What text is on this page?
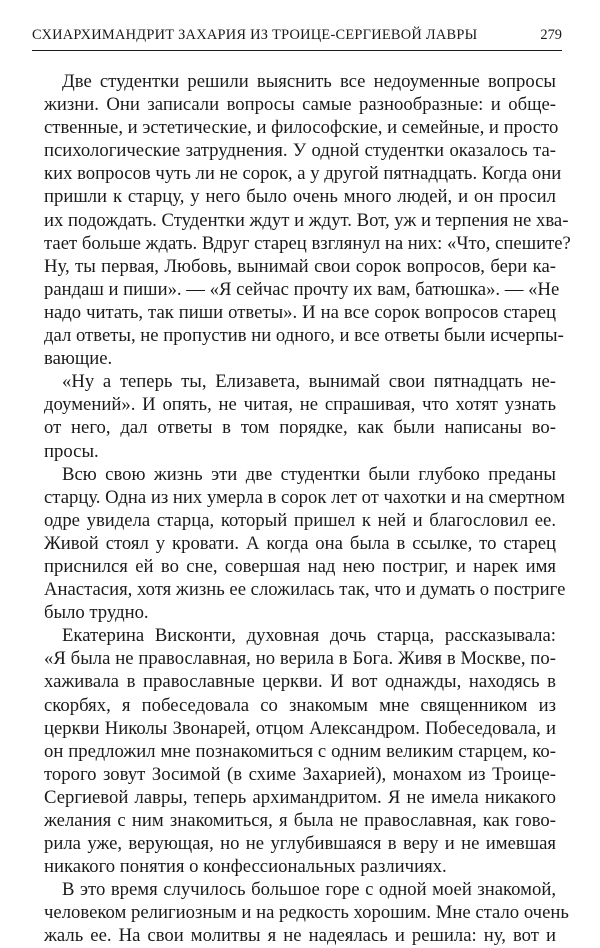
СХИАРХИМАНДРИТ ЗАХАРИЯ ИЗ ТРОИЦЕ-СЕРГИЕВОЙ ЛАВРЫ	279
Две студентки решили выяснить все недоуменные вопросы
жизни. Они записали вопросы самые разнообразные: и обще-
ственные, и эстетические, и философские, и семейные, и просто
психологические затруднения. У одной студентки оказалось та-
ких вопросов чуть ли не сорок, а у другой пятнадцать. Когда они
пришли к старцу, у него было очень много людей, и он просил
их подождать. Студентки ждут и ждут. Вот, уж и терпения не хва-
тает больше ждать. Вдруг старец взглянул на них: «Что, спешите?
Ну, ты первая, Любовь, вынимай свои сорок вопросов, бери ка-
рандаш и пиши». — «Я сейчас прочту их вам, батюшка». — «Не
надо читать, так пиши ответы». И на все сорок вопросов старец
дал ответы, не пропустив ни одного, и все ответы были исчерпы-
вающие.
«Ну а теперь ты, Елизавета, вынимай свои пятнадцать не-
доумений». И опять, не читая, не спрашивая, что хотят узнать
от него, дал ответы в том порядке, как были написаны во-
просы.
Всю свою жизнь эти две студентки были глубоко преданы
старцу. Одна из них умерла в сорок лет от чахотки и на смертном
одре увидела старца, который пришел к ней и благословил ее.
Живой стоял у кровати. А когда она была в ссылке, то старец
приснился ей во сне, совершая над нею постриг, и нарек имя
Анастасия, хотя жизнь ее сложилась так, что и думать о постриге
было трудно.
Екатерина Висконти, духовная дочь старца, рассказывала:
«Я была не православная, но верила в Бога. Живя в Москве, по-
хаживала в православные церкви. И вот однажды, находясь в
скорбях, я побеседовала со знакомым мне священником из
церкви Николы Звонарей, отцом Александром. Побеседовала, и
он предложил мне познакомиться с одним великим старцем, ко-
торого зовут Зосимой (в схиме Захарией), монахом из Троице-
Сергиевой лавры, теперь архимандритом. Я не имела никакого
желания с ним знакомиться, я была не православная, как гово-
рила уже, верующая, но не углубившаяся в веру и не имевшая
никакого понятия о конфессиональных различиях.
В это время случилось большое горе с одной моей знакомой,
человеком религиозным и на редкость хорошим. Мне стало очень
жаль ее. На свои молитвы я не надеялась и решила: ну, вот и
